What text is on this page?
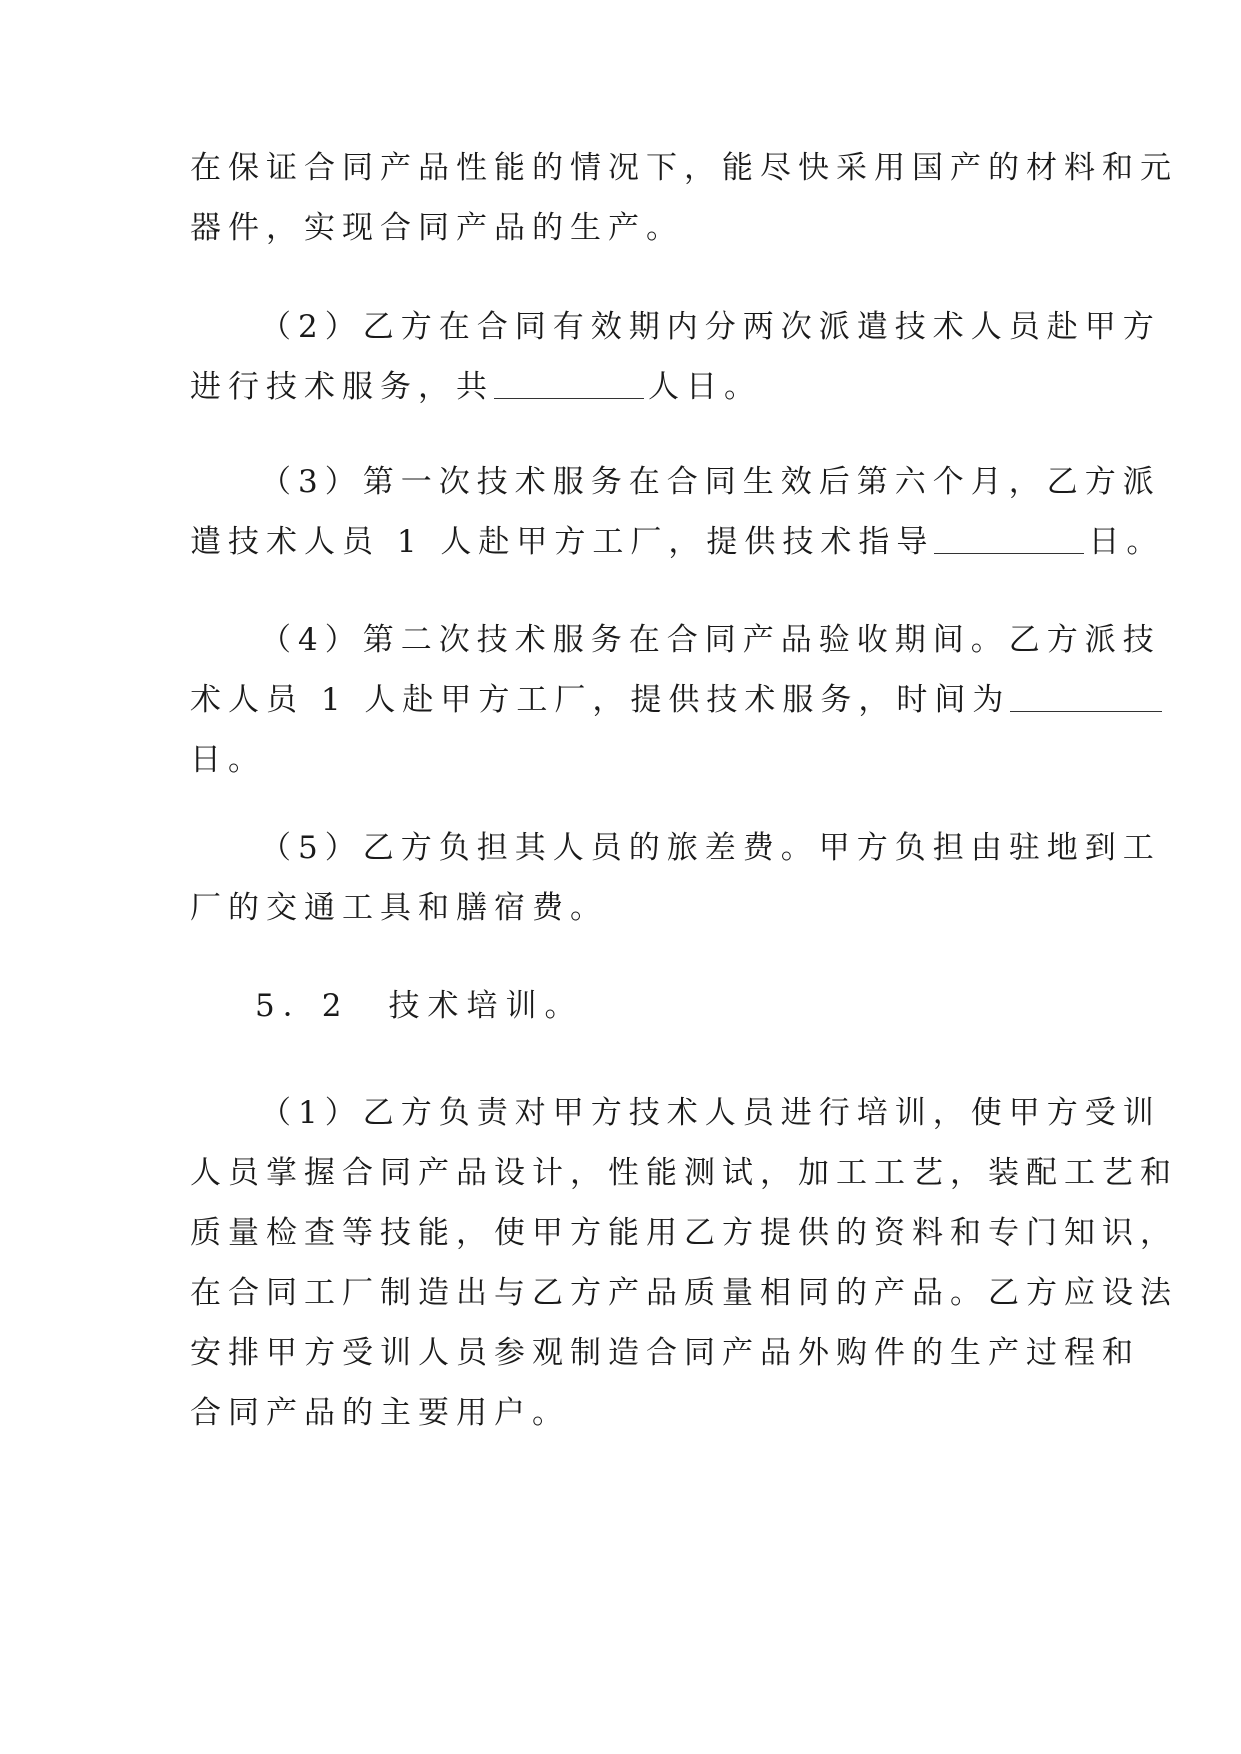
在保证合同产品性能的情况下，能尽快采用国产的材料和元
器件，实现合同产品的生产。
（2）乙方在合同有效期内分两次派遣技术人员赴甲方
进行技术服务，共	人日。
（3）第一次技术服务在合同生效后第六个月，乙方派
遣技术人员 1 人赴甲方工厂，提供技术指导	日。
（4）第二次技术服务在合同产品验收期间。乙方派技
术人员 1 人赴甲方工厂，提供技术服务，时间为
日。
（5）乙方负担其人员的旅差费。甲方负担由驻地到工
厂的交通工具和膳宿费。
5．2　 技术培训。
（1）乙方负责对甲方技术人员进行培训，使甲方受训
人员掌握合同产品设计，性能测试，加工工艺，装配工艺和
质量检查等技能，使甲方能用乙方提供的资料和专门知识，
在合同工厂制造出与乙方产品质量相同的产品。乙方应设法
安排甲方受训人员参观制造合同产品外购件的生产过程和
合同产品的主要用户。
